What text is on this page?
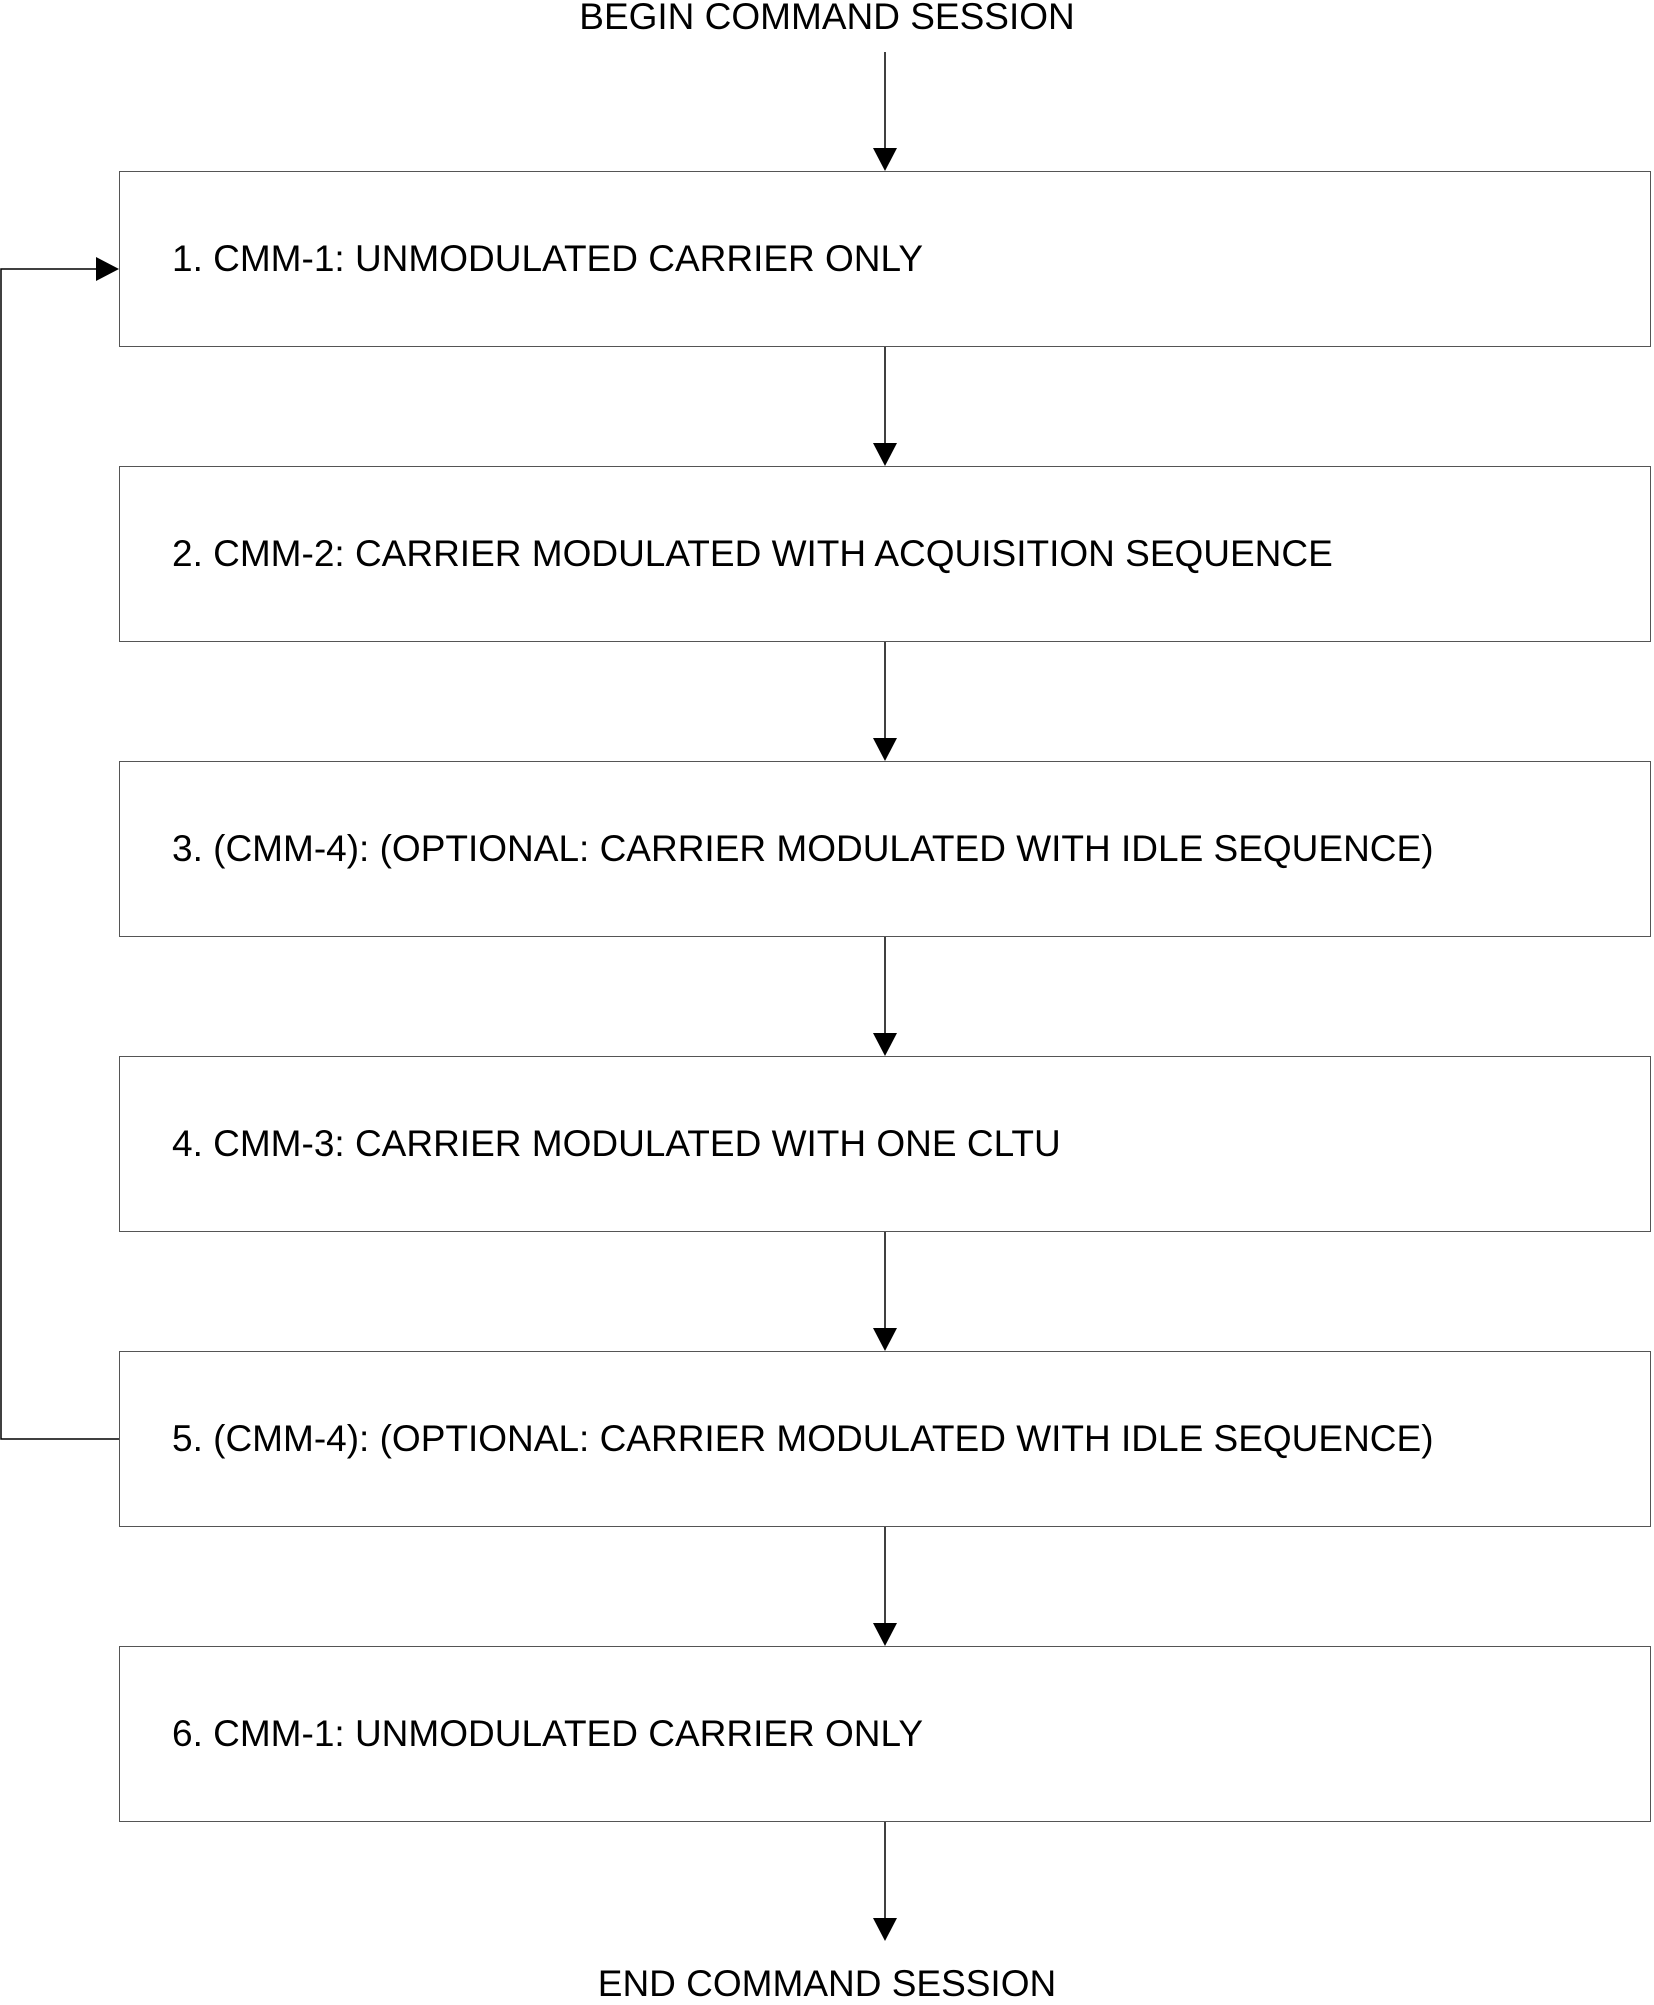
BEGIN COMMAND SESSION
1. CMM-1: UNMODULATED CARRIER ONLY
2. CMM-2: CARRIER MODULATED WITH ACQUISITION SEQUENCE
3. (CMM-4): (OPTIONAL: CARRIER MODULATED WITH IDLE SEQUENCE)
4. CMM-3: CARRIER MODULATED WITH ONE CLTU
5. (CMM-4): (OPTIONAL: CARRIER MODULATED WITH IDLE SEQUENCE)
6. CMM-1: UNMODULATED CARRIER ONLY
END COMMAND SESSION
